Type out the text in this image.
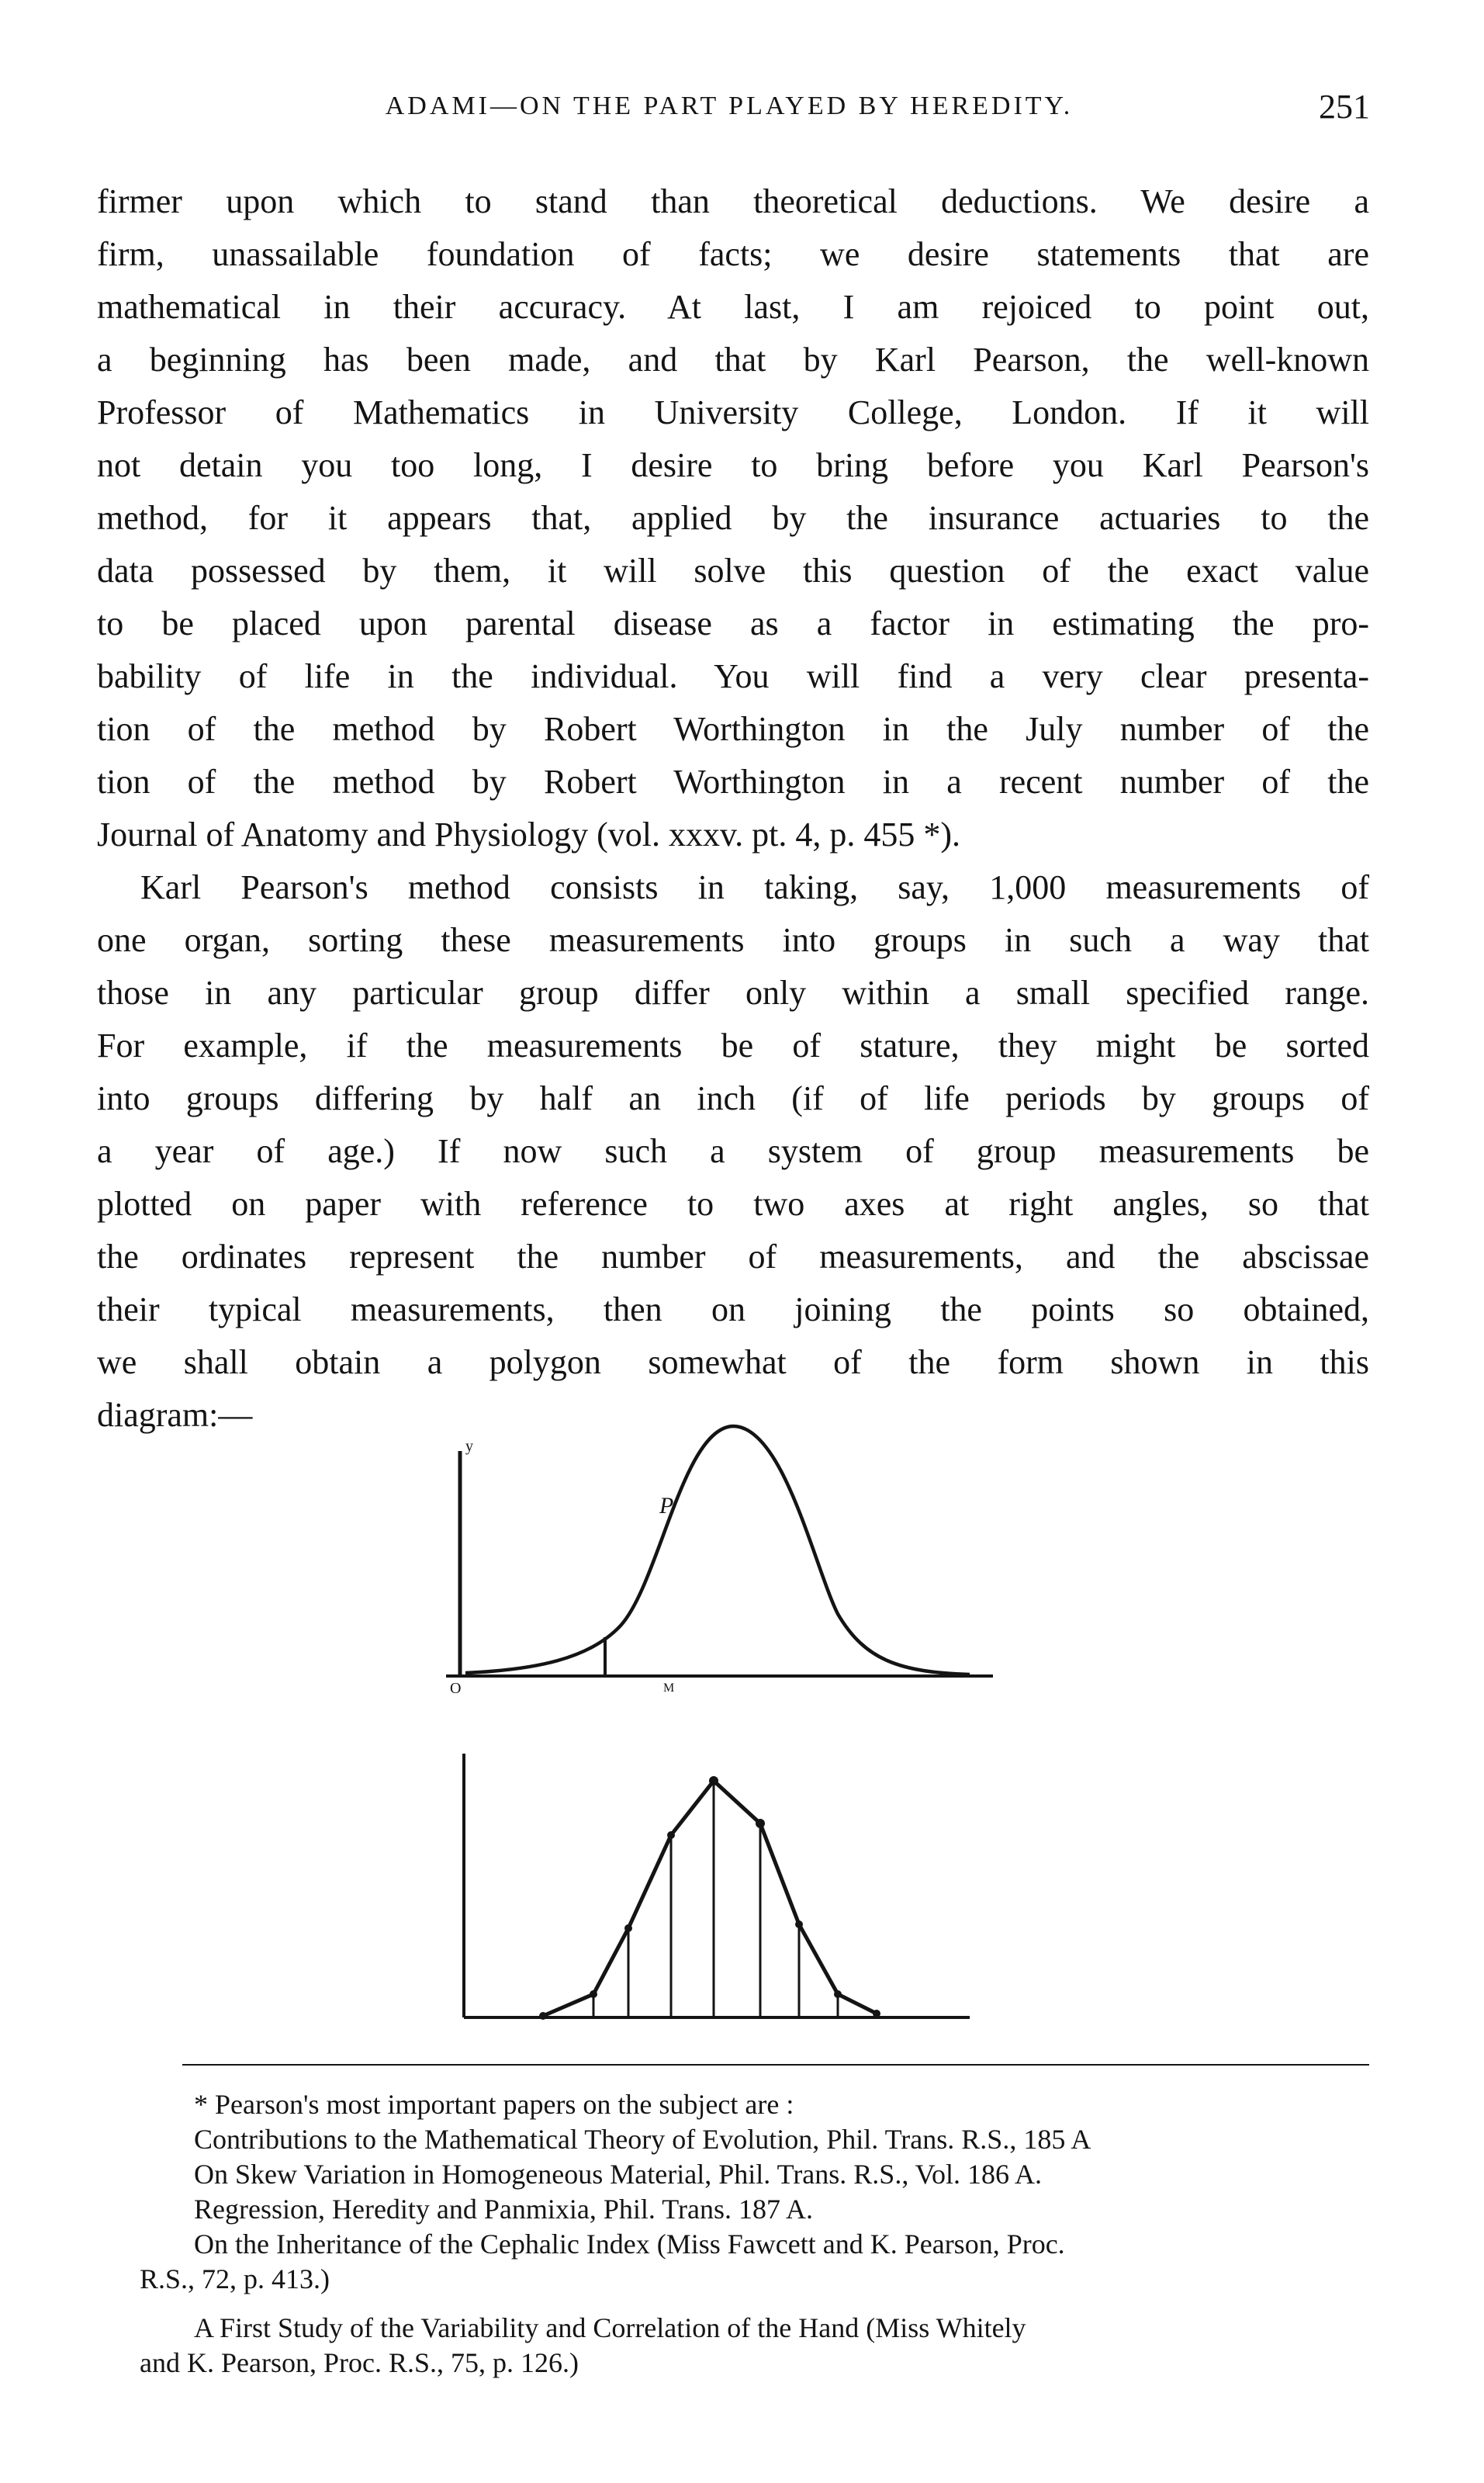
ADAMI—ON THE PART PLAYED BY HEREDITY.	251
firmer upon which to stand than theoretical deductions. We desire a
firm, unassailable foundation of facts; we desire statements that are
mathematical in their accuracy. At last, I am rejoiced to point out,
a beginning has been made, and that by Karl Pearson, the well-known
Professor of Mathematics in University College, London. If it will
not detain you too long, I desire to bring before you Karl Pearson's
method, for it appears that, applied by the insurance actuaries to the
data possessed by them, it will solve this question of the exact value
to be placed upon parental disease as a factor in estimating the pro-
bability of life in the individual. You will find a very clear presenta-
tion of the method by Robert Worthington in the July number of the
tion of the method by Robert Worthington in a recent number of the
Journal of Anatomy and Physiology (vol. xxxv. pt. 4, p. 455 *).
Karl Pearson's method consists in taking, say, 1,000 measurements of
one organ, sorting these measurements into groups in such a way that
those in any particular group differ only within a small specified range.
For example, if the measurements be of stature, they might be sorted
into groups differing by half an inch (if of life periods by groups of
a year of age.) If now such a system of group measurements be
plotted on paper with reference to two axes at right angles, so that
the ordinates represent the number of measurements, and the abscissae
their typical measurements, then on joining the points so obtained,
we shall obtain a polygon somewhat of the form shown in this
diagram:—
y
P
O	M
* Pearson's most important papers on the subject are :
Contributions to the Mathematical Theory of Evolution, Phil. Trans. R.S., 185 A
On Skew Variation in Homogeneous Material, Phil. Trans. R.S., Vol. 186 A.
Regression, Heredity and Panmixia, Phil. Trans. 187 A.
On the Inheritance of the Cephalic Index (Miss Fawcett and K. Pearson, Proc.
R.S., 72, p. 413.)
A First Study of the Variability and Correlation of the Hand (Miss Whitely
and K. Pearson, Proc. R.S., 75, p. 126.)
